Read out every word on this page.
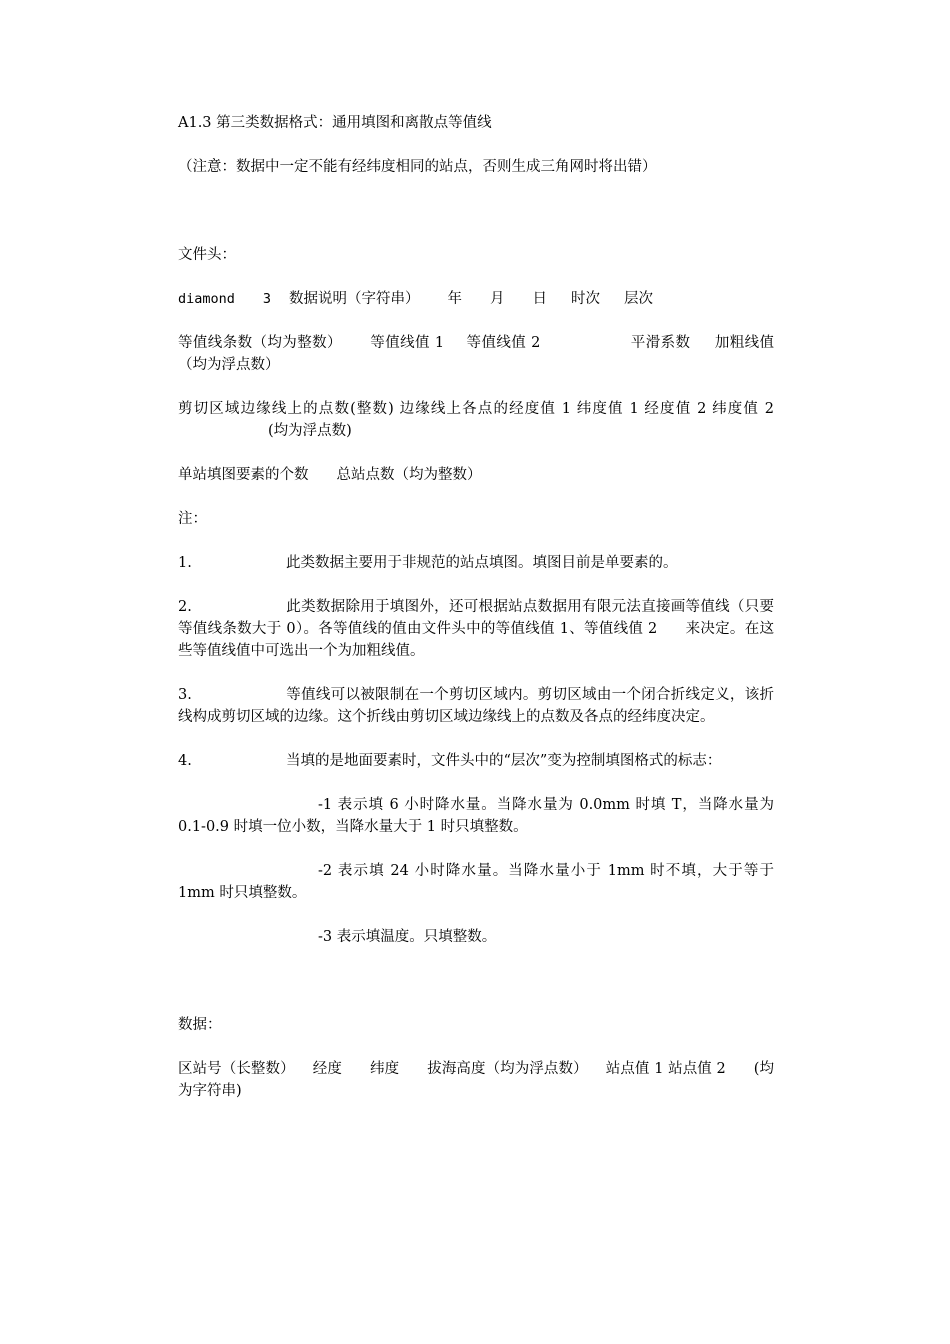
A1.3 第三类数据格式：通用填图和离散点等值线

（注意：数据中一定不能有经纬度相同的站点，否则生成三角网时将出错）

文件头：

diamond 3 数据说明（字符串） 年 月 日 时次 层次

等值线条数（均为整数） 等值线值 1 等值线值 2	平滑系数 加粗线值（均为浮点数）

剪切区域边缘线上的点数(整数) 边缘线上各点的经度值 1 纬度值 1 经度值 2 纬度值 2(均为浮点数)

单站填图要素的个数 总站点数（均为整数）

注：

1.	此类数据主要用于非规范的站点填图。填图目前是单要素的。

2.	此类数据除用于填图外，还可根据站点数据用有限元法直接画等值线（只要等值线条数大于 0）。各等值线的值由文件头中的等值线值 1、等值线值 2 来决定。在这些等值线值中可选出一个为加粗线值。

3.	等值线可以被限制在一个剪切区域内。剪切区域由一个闭合折线定义，该折线构成剪切区域的边缘。这个折线由剪切区域边缘线上的点数及各点的经纬度决定。

4.	当填的是地面要素时，文件头中的“层次”变为控制填图格式的标志：

-1 表示填 6 小时降水量。当降水量为 0.0mm 时填 T，当降水量为 0.1-0.9 时填一位小数，当降水量大于 1 时只填整数。

-2 表示填 24 小时降水量。当降水量小于 1mm 时不填，大于等于 1mm 时只填整数。

-3 表示填温度。只填整数。

数据：

区站号（长整数） 经度 纬度 拔海高度（均为浮点数） 站点值 1 站点值 2 (均为字符串)
